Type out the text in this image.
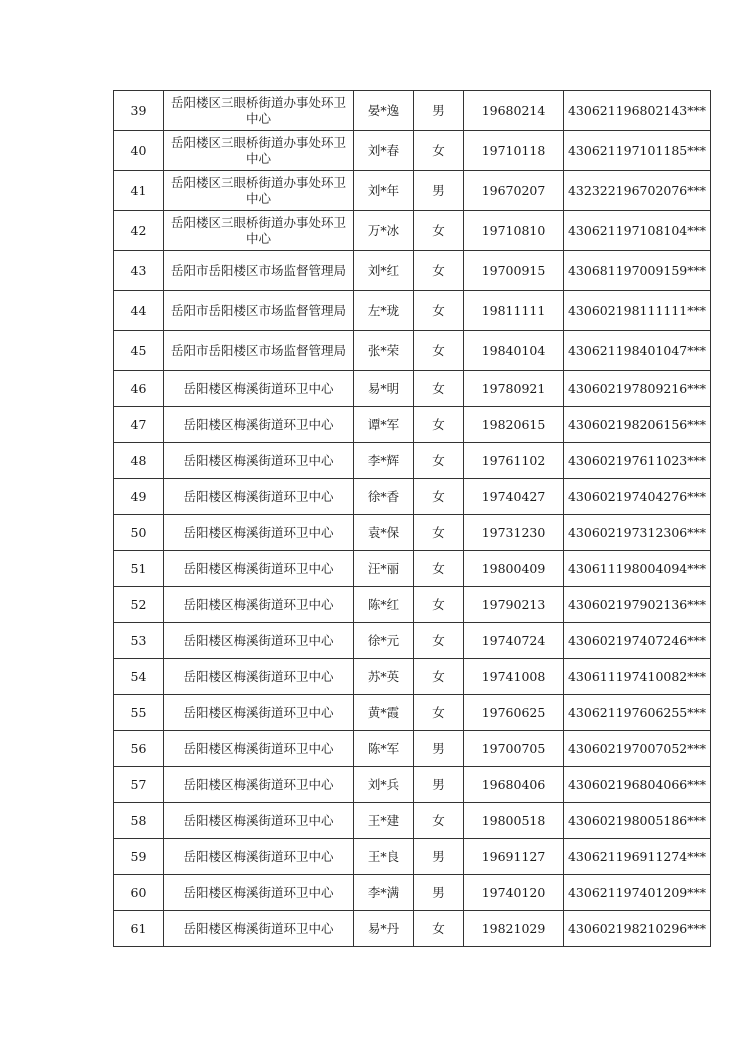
39	岳阳楼区三眼桥街道办事处环卫中心	晏*逸	男	19680214	430621196802143***
40	岳阳楼区三眼桥街道办事处环卫中心	刘*春	女	19710118	430621197101185***
41	岳阳楼区三眼桥街道办事处环卫中心	刘*年	男	19670207	432322196702076***
42	岳阳楼区三眼桥街道办事处环卫中心	万*冰	女	19710810	430621197108104***
43	岳阳市岳阳楼区市场监督管理局	刘*红	女	19700915	430681197009159***
44	岳阳市岳阳楼区市场监督管理局	左*珑	女	19811111	430602198111111***
45	岳阳市岳阳楼区市场监督管理局	张*荣	女	19840104	430621198401047***
46	岳阳楼区梅溪街道环卫中心	易*明	女	19780921	430602197809216***
47	岳阳楼区梅溪街道环卫中心	谭*军	女	19820615	430602198206156***
48	岳阳楼区梅溪街道环卫中心	李*辉	女	19761102	430602197611023***
49	岳阳楼区梅溪街道环卫中心	徐*香	女	19740427	430602197404276***
50	岳阳楼区梅溪街道环卫中心	袁*保	女	19731230	430602197312306***
51	岳阳楼区梅溪街道环卫中心	汪*丽	女	19800409	430611198004094***
52	岳阳楼区梅溪街道环卫中心	陈*红	女	19790213	430602197902136***
53	岳阳楼区梅溪街道环卫中心	徐*元	女	19740724	430602197407246***
54	岳阳楼区梅溪街道环卫中心	苏*英	女	19741008	430611197410082***
55	岳阳楼区梅溪街道环卫中心	黄*霞	女	19760625	430621197606255***
56	岳阳楼区梅溪街道环卫中心	陈*军	男	19700705	430602197007052***
57	岳阳楼区梅溪街道环卫中心	刘*兵	男	19680406	430602196804066***
58	岳阳楼区梅溪街道环卫中心	王*建	女	19800518	430602198005186***
59	岳阳楼区梅溪街道环卫中心	王*良	男	19691127	430621196911274***
60	岳阳楼区梅溪街道环卫中心	李*满	男	19740120	430621197401209***
61	岳阳楼区梅溪街道环卫中心	易*丹	女	19821029	430602198210296***
